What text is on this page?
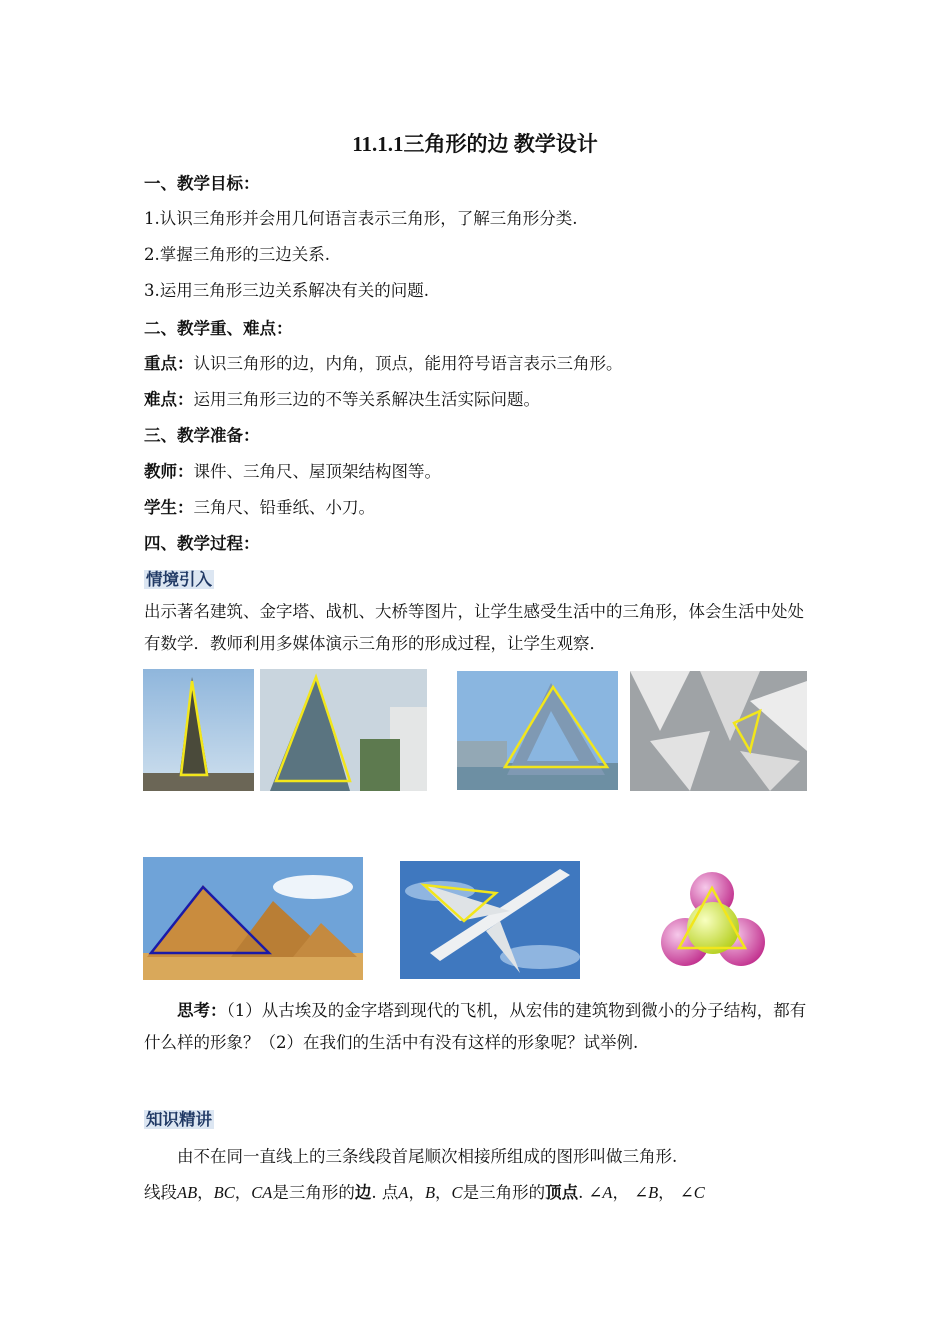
11.1.1三角形的边 教学设计
一、教学目标：
1.认识三角形并会用几何语言表示三角形，了解三角形分类.
2.掌握三角形的三边关系.
3.运用三角形三边关系解决有关的问题.
二、教学重、难点：
重点：认识三角形的边，内角，顶点，能用符号语言表示三角形。
难点：运用三角形三边的不等关系解决生活实际问题。
三、教学准备：
教师：课件、三角尺、屋顶架结构图等。
学生：三角尺、铅垂纸、小刀。
四、教学过程：
情境引入
出示著名建筑、金字塔、战机、大桥等图片，让学生感受生活中的三角形，体会生活中处处有数学．教师利用多媒体演示三角形的形成过程，让学生观察．
思考：（1）从古埃及的金字塔到现代的飞机，从宏伟的建筑物到微小的分子结构，都有什么样的形象？（2）在我们的生活中有没有这样的形象呢？试举例.
知识精讲
由不在同一直线上的三条线段首尾顺次相接所组成的图形叫做三角形.
线段AB，BC，CA是三角形的边. 点A，B，C是三角形的顶点. ∠A， ∠B， ∠C
